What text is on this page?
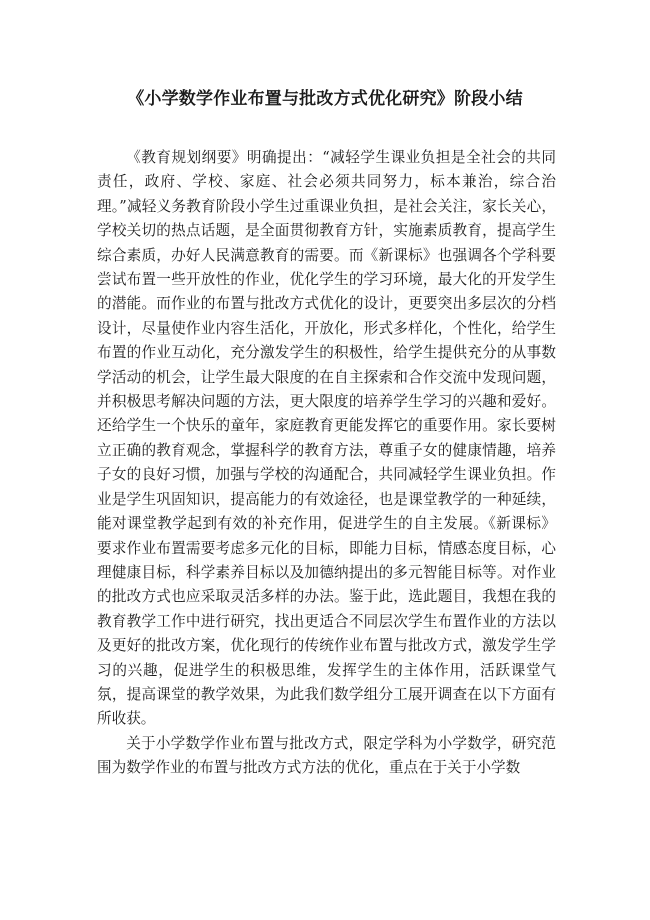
《小学数学作业布置与批改方式优化研究》阶段小结

《教育规划纲要》明确提出：“减轻学生课业负担是全社会的共同责任，政府、学校、家庭、社会必须共同努力，标本兼治，综合治理。”减轻义务教育阶段小学生过重课业负担，是社会关注，家长关心，学校关切的热点话题，是全面贯彻教育方针，实施素质教育，提高学生综合素质，办好人民满意教育的需要。而《新课标》也强调各个学科要尝试布置一些开放性的作业，优化学生的学习环境，最大化的开发学生的潜能。而作业的布置与批改方式优化的设计，更要突出多层次的分档设计，尽量使作业内容生活化，开放化，形式多样化，个性化，给学生布置的作业互动化，充分激发学生的积极性，给学生提供充分的从事数学活动的机会，让学生最大限度的在自主探索和合作交流中发现问题，并积极思考解决问题的方法，更大限度的培养学生学习的兴趣和爱好。还给学生一个快乐的童年，家庭教育更能发挥它的重要作用。家长要树立正确的教育观念，掌握科学的教育方法，尊重子女的健康情趣，培养子女的良好习惯，加强与学校的沟通配合，共同减轻学生课业负担。作业是学生巩固知识，提高能力的有效途径，也是课堂教学的一种延续，能对课堂教学起到有效的补充作用，促进学生的自主发展。《新课标》要求作业布置需要考虑多元化的目标，即能力目标，情感态度目标，心理健康目标，科学素养目标以及加德纳提出的多元智能目标等。对作业的批改方式也应采取灵活多样的办法。鉴于此，选此题目，我想在我的教育教学工作中进行研究，找出更适合不同层次学生布置作业的方法以及更好的批改方案，优化现行的传统作业布置与批改方式，激发学生学习的兴趣，促进学生的积极思维，发挥学生的主体作用，活跃课堂气氛，提高课堂的教学效果，为此我们数学组分工展开调查在以下方面有所收获。

关于小学数学作业布置与批改方式，限定学科为小学数学，研究范围为数学作业的布置与批改方式方法的优化，重点在于关于小学数
